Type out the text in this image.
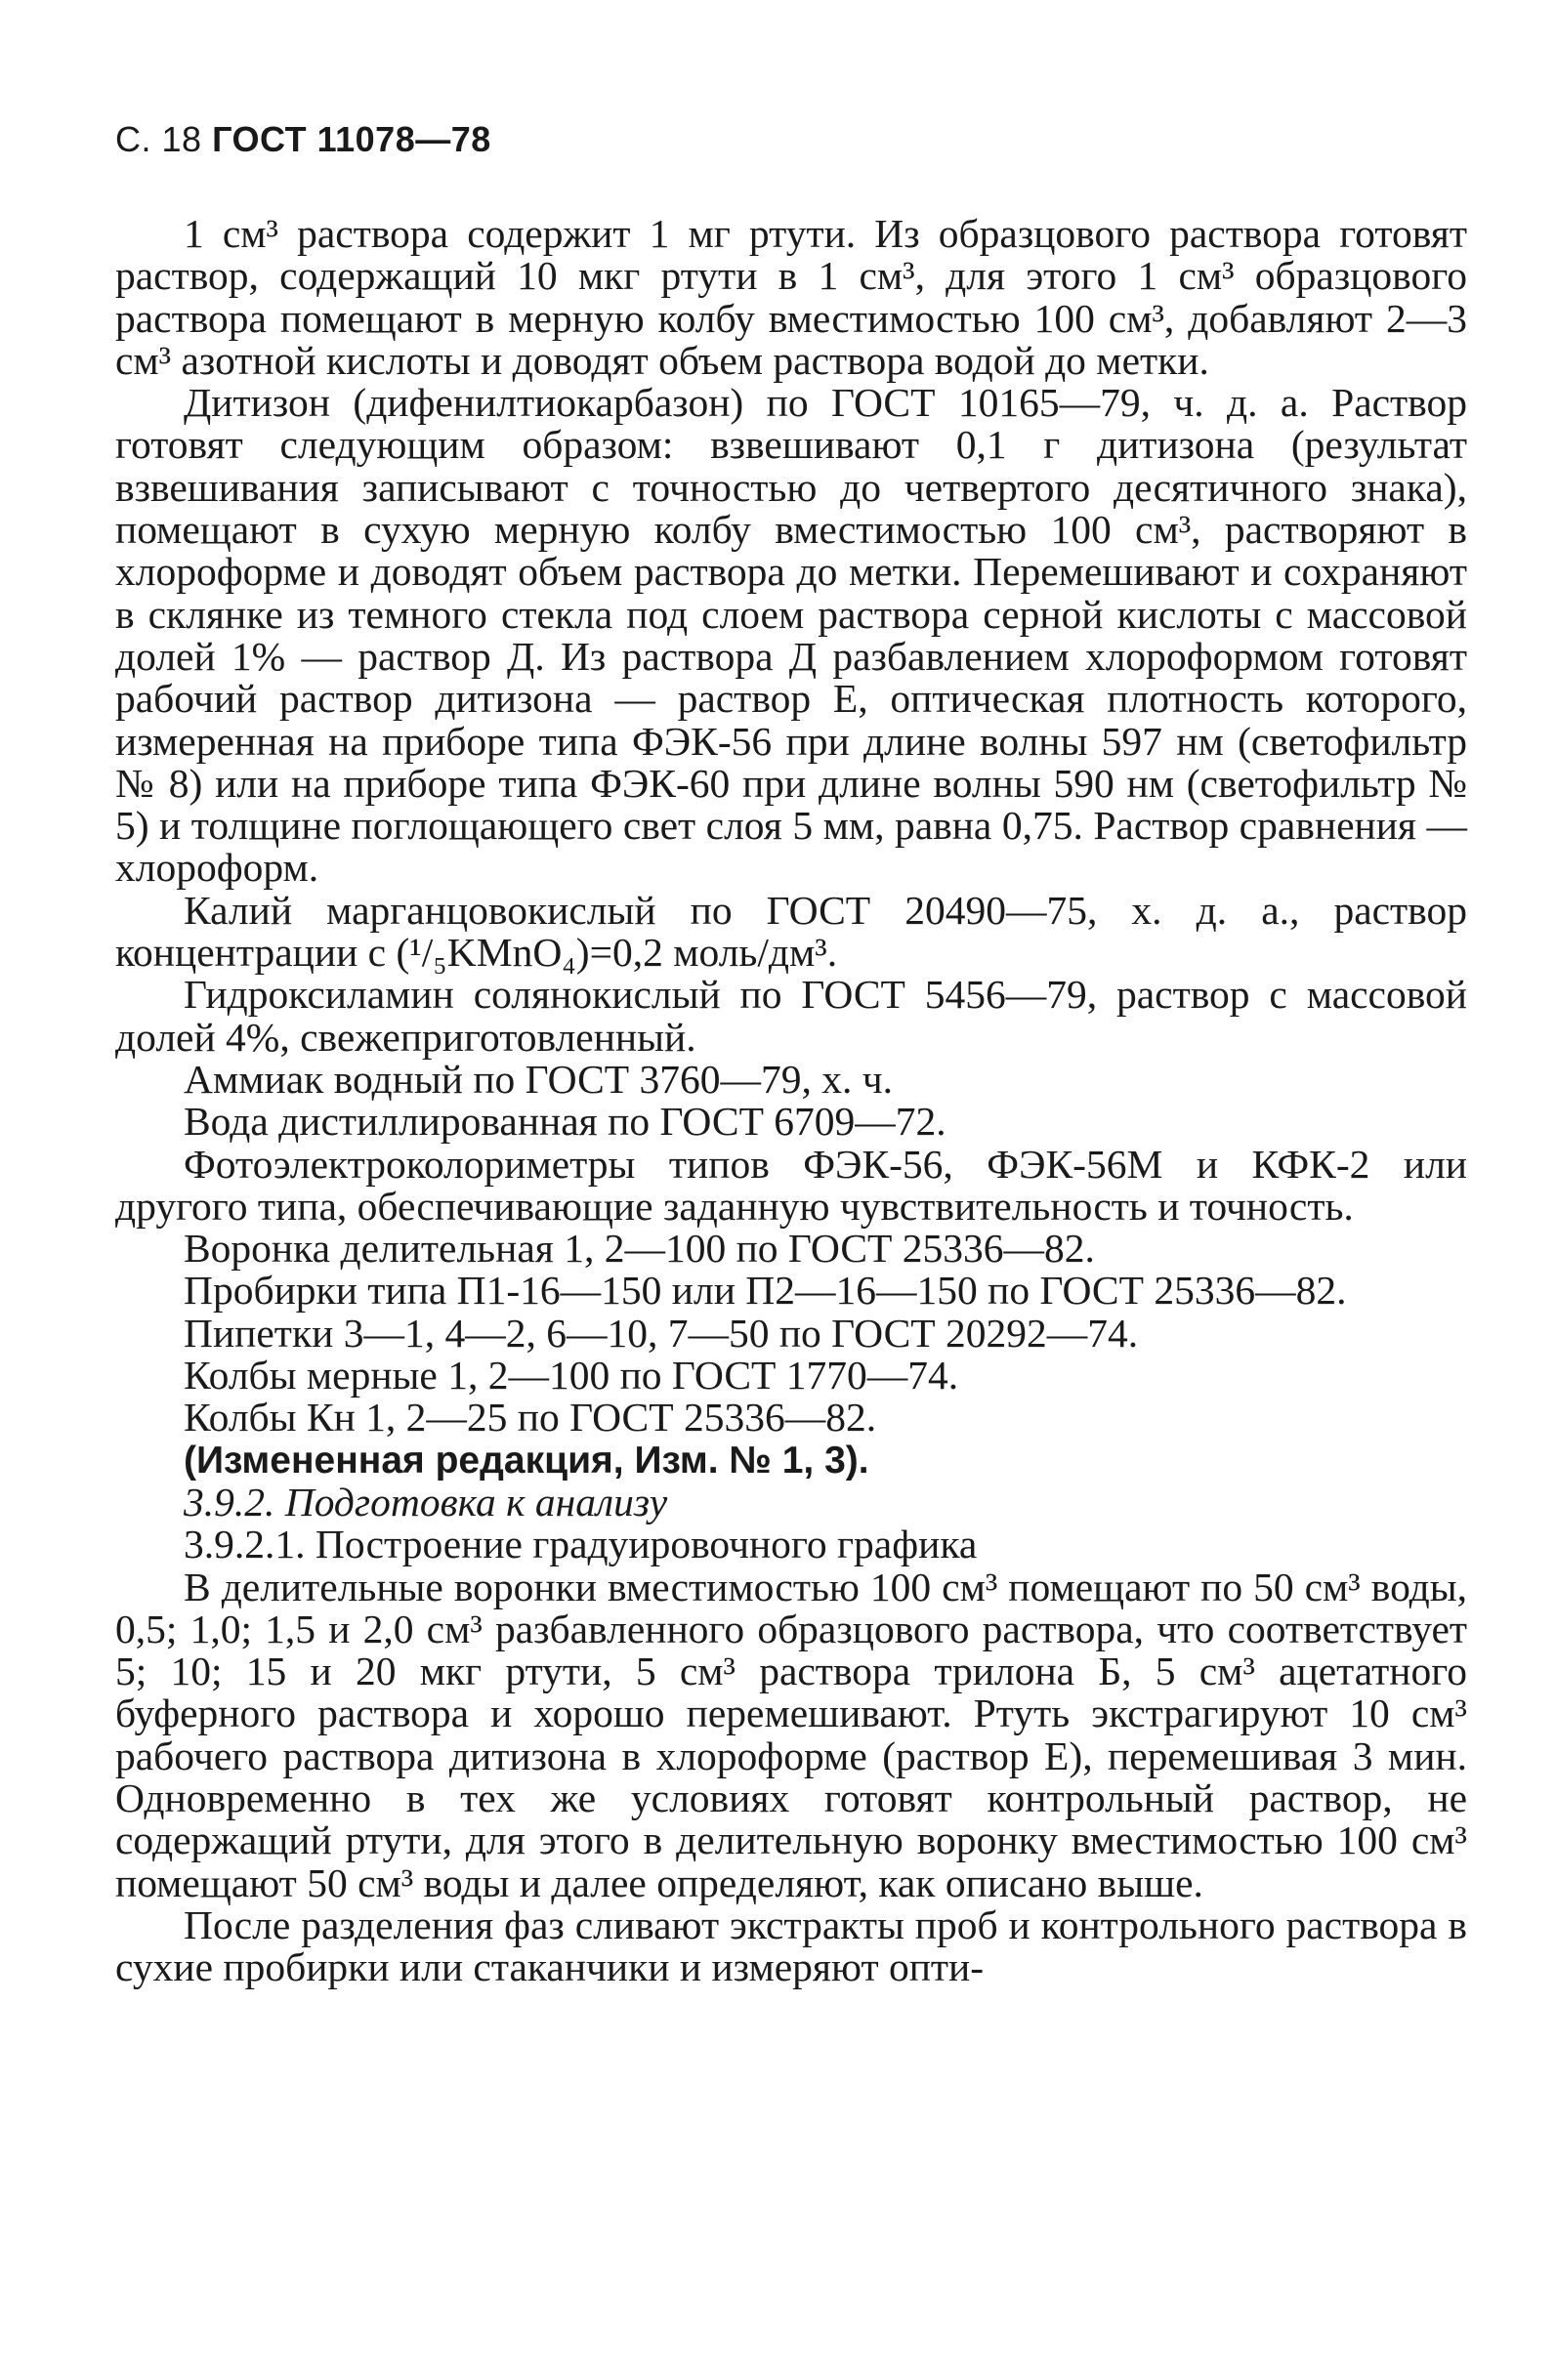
С. 18 ГОСТ 11078—78

1 см³ раствора содержит 1 мг ртути. Из образцового раствора готовят раствор, содержащий 10 мкг ртути в 1 см³, для этого 1 см³ образцового раствора помещают в мерную колбу вместимостью 100 см³, добавляют 2—3 см³ азотной кислоты и доводят объем раствора водой до метки.

Дитизон (дифенилтиокарбазон) по ГОСТ 10165—79, ч. д. а. Раствор готовят следующим образом: взвешивают 0,1 г дитизона (результат взвешивания записывают с точностью до четвертого десятичного знака), помещают в сухую мерную колбу вместимостью 100 см³, растворяют в хлороформе и доводят объем раствора до метки. Перемешивают и сохраняют в склянке из темного стекла под слоем раствора серной кислоты с массовой долей 1% — раствор Д. Из раствора Д разбавлением хлороформом готовят рабочий раствор дитизона — раствор Е, оптическая плотность которого, измеренная на приборе типа ФЭК-56 при длине волны 597 нм (светофильтр № 8) или на приборе типа ФЭК-60 при длине волны 590 нм (светофильтр № 5) и толщине поглощающего свет слоя 5 мм, равна 0,75. Раствор сравнения — хлороформ.

Калий марганцовокислый по ГОСТ 20490—75, х. д. а., раствор концентрации с (¹/₅KMnO₄)=0,2 моль/дм³.

Гидроксиламин солянокислый по ГОСТ 5456—79, раствор с массовой долей 4%, свежеприготовленный.

Аммиак водный по ГОСТ 3760—79, х. ч.

Вода дистиллированная по ГОСТ 6709—72.

Фотоэлектроколориметры типов ФЭК-56, ФЭК-56М и КФК-2 или другого типа, обеспечивающие заданную чувствительность и точность.

Воронка делительная 1, 2—100 по ГОСТ 25336—82.

Пробирки типа П1-16—150 или П2—16—150 по ГОСТ 25336—82.

Пипетки 3—1, 4—2, 6—10, 7—50 по ГОСТ 20292—74.

Колбы мерные 1, 2—100 по ГОСТ 1770—74.

Колбы Кн 1, 2—25 по ГОСТ 25336—82.

(Измененная редакция, Изм. № 1, 3).

3.9.2. Подготовка к анализу

3.9.2.1. Построение градуировочного графика

В делительные воронки вместимостью 100 см³ помещают по 50 см³ воды, 0,5; 1,0; 1,5 и 2,0 см³ разбавленного образцового раствора, что соответствует 5; 10; 15 и 20 мкг ртути, 5 см³ раствора трилона Б, 5 см³ ацетатного буферного раствора и хорошо перемешивают. Ртуть экстрагируют 10 см³ рабочего раствора дитизона в хлороформе (раствор Е), перемешивая 3 мин. Одновременно в тех же условиях готовят контрольный раствор, не содержащий ртути, для этого в делительную воронку вместимостью 100 см³ помещают 50 см³ воды и далее определяют, как описано выше.

После разделения фаз сливают экстракты проб и контрольного раствора в сухие пробирки или стаканчики и измеряют опти-
